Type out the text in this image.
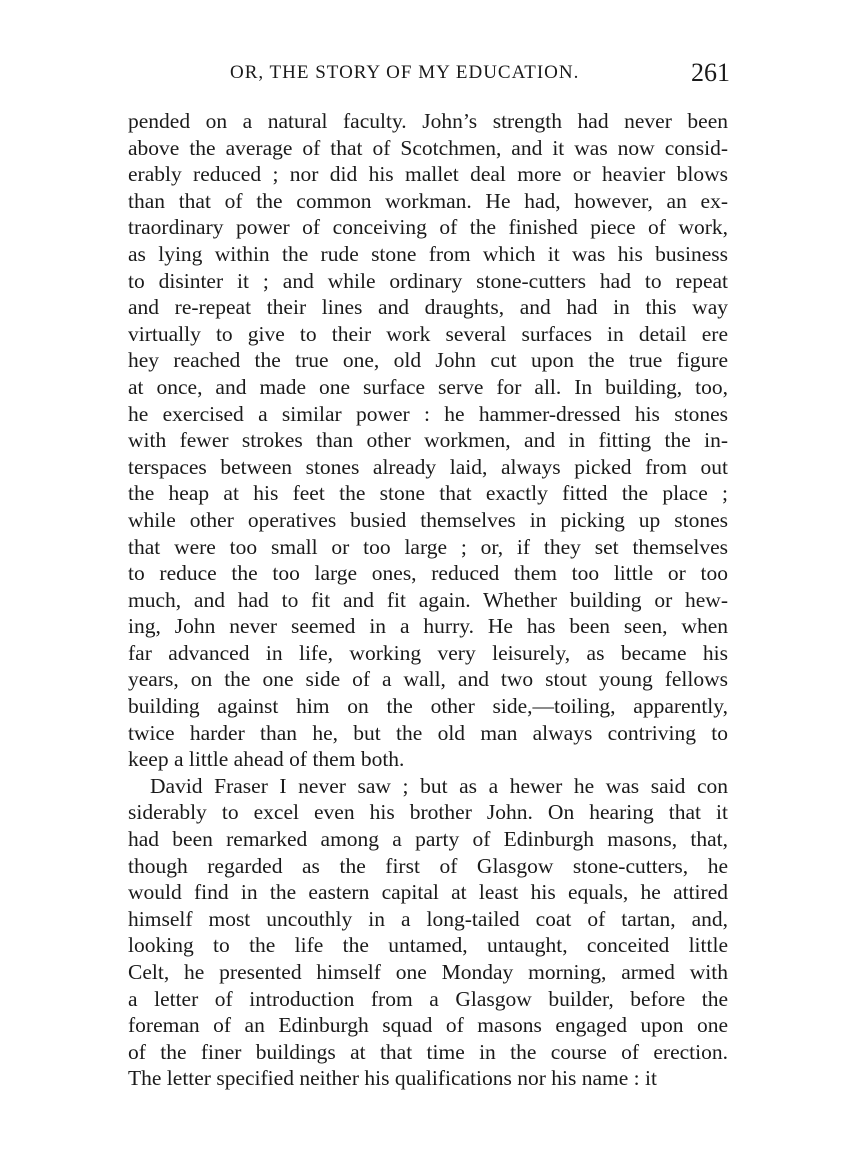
OR, THE STORY OF MY EDUCATION.	261
pended on a natural faculty. John’s strength had never been
above the average of that of Scotchmen, and it was now consid-
erably reduced ; nor did his mallet deal more or heavier blows
than that of the common workman. He had, however, an ex-
traordinary power of conceiving of the finished piece of work,
as lying within the rude stone from which it was his business
to disinter it ; and while ordinary stone-cutters had to repeat
and re-repeat their lines and draughts, and had in this way
virtually to give to their work several surfaces in detail ere
hey reached the true one, old John cut upon the true figure
at once, and made one surface serve for all. In building, too,
he exercised a similar power : he hammer-dressed his stones
with fewer strokes than other workmen, and in fitting the in-
terspaces between stones already laid, always picked from out
the heap at his feet the stone that exactly fitted the place ;
while other operatives busied themselves in picking up stones
that were too small or too large ; or, if they set themselves
to reduce the too large ones, reduced them too little or too
much, and had to fit and fit again. Whether building or hew-
ing, John never seemed in a hurry. He has been seen, when
far advanced in life, working very leisurely, as became his
years, on the one side of a wall, and two stout young fellows
building against him on the other side,—toiling, apparently,
twice harder than he, but the old man always contriving to
keep a little ahead of them both.
David Fraser I never saw ; but as a hewer he was said con
siderably to excel even his brother John. On hearing that it
had been remarked among a party of Edinburgh masons, that,
though regarded as the first of Glasgow stone-cutters, he
would find in the eastern capital at least his equals, he attired
himself most uncouthly in a long-tailed coat of tartan, and,
looking to the life the untamed, untaught, conceited little
Celt, he presented himself one Monday morning, armed with
a letter of introduction from a Glasgow builder, before the
foreman of an Edinburgh squad of masons engaged upon one
of the finer buildings at that time in the course of erection.
The letter specified neither his qualifications nor his name : it
